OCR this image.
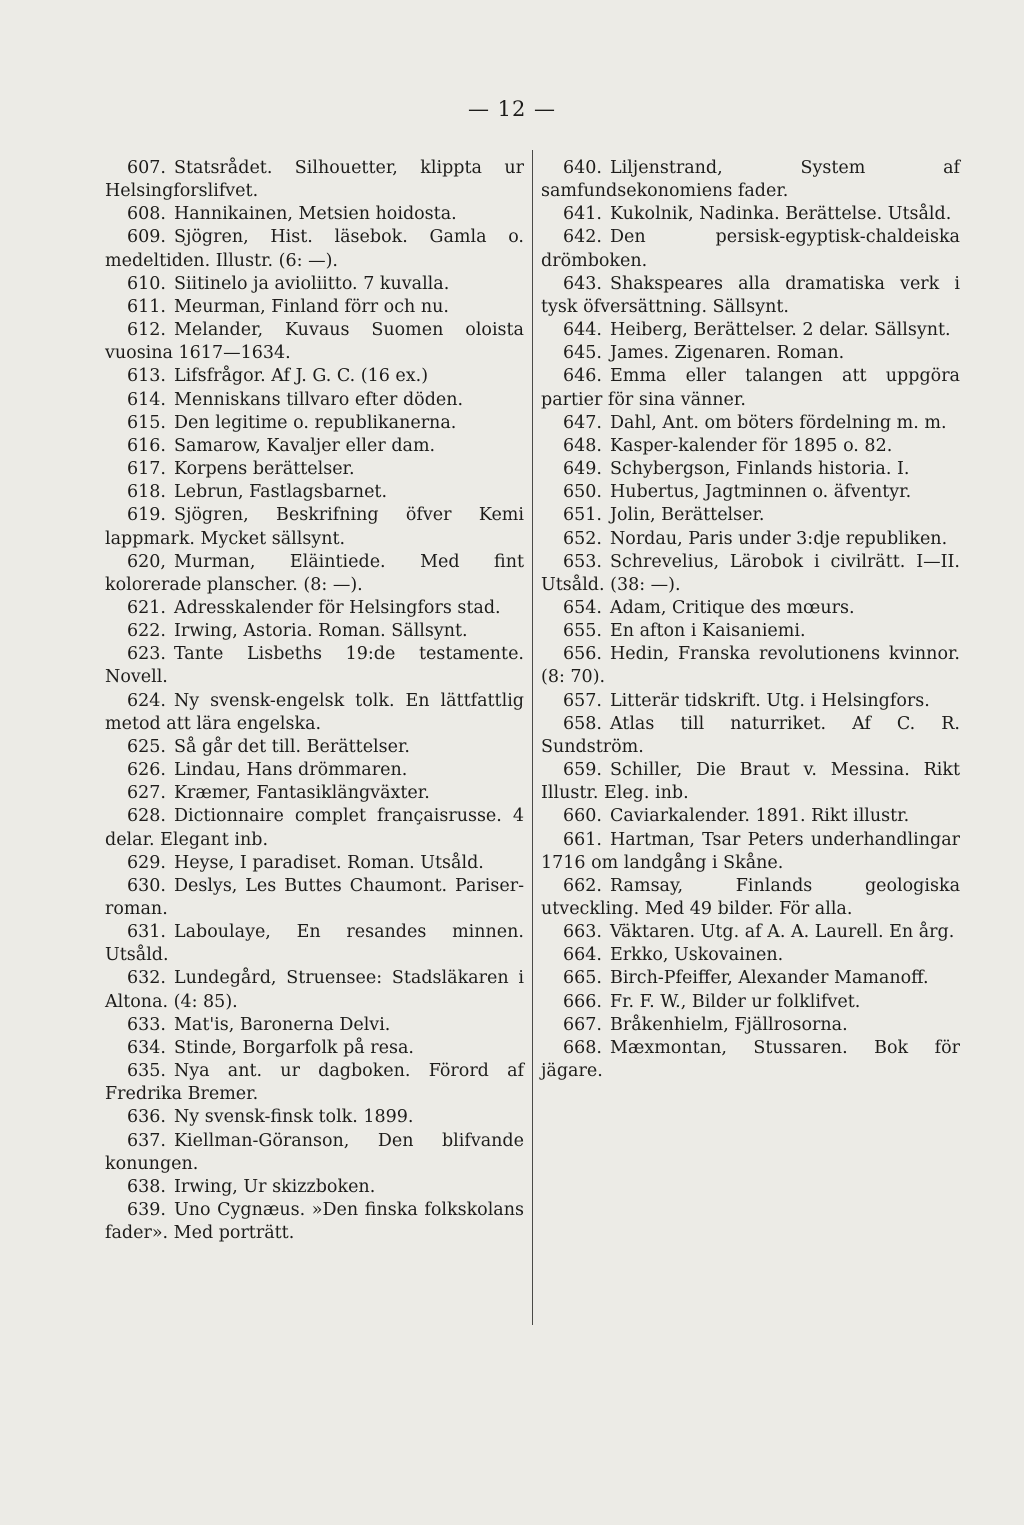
— 12 —

607. Statsrådet. Silhouetter, klippta ur Helsingforslifvet.

608. Hannikainen, Metsien hoidosta.

609. Sjögren, Hist. läsebok. Gamla o. medeltiden. Illustr. (6: —).

610. Siitinelo ja avioliitto. 7 kuvalla.

611. Meurman, Finland förr och nu.

612. Melander, Kuvaus Suomen oloista vuosina 1617—1634.

613. Lifsfrågor. Af J. G. C. (16 ex.)

614. Menniskans tillvaro efter döden.

615. Den legitime o. republikanerna.

616. Samarow, Kavaljer eller dam.

617. Korpens berättelser.

618. Lebrun, Fastlagsbarnet.

619. Sjögren, Beskrifning öfver Kemi lappmark. Mycket sällsynt.

620, Murman, Eläintiede. Med fint kolorerade planscher. (8: —).

621. Adresskalender för Helsingfors stad.

622. Irwing, Astoria. Roman. Sällsynt.

623. Tante Lisbeths 19:de testamente. Novell.

624. Ny svensk-engelsk tolk. En lättfattlig metod att lära engelska.

625. Så går det till. Berättelser.

626. Lindau, Hans drömmaren.

627. Kræmer, Fantasiklängväxter.

628. Dictionnaire complet françaisrusse. 4 delar. Elegant inb.

629. Heyse, I paradiset. Roman. Utsåld.

630. Deslys, Les Buttes Chaumont. Pariser-roman.

631. Laboulaye, En resandes minnen. Utsåld.

632. Lundegård, Struensee: Stadsläkaren i Altona. (4: 85).

633. Mat'is, Baronerna Delvi.

634. Stinde, Borgarfolk på resa.

635. Nya ant. ur dagboken. Förord af Fredrika Bremer.

636. Ny svensk-finsk tolk. 1899.

637. Kiellman-Göranson, Den blifvande konungen.

638. Irwing, Ur skizzboken.

639. Uno Cygnæus. »Den finska folkskolans fader». Med porträtt.

640. Liljenstrand, System af samfundsekonomiens fader.

641. Kukolnik, Nadinka. Berättelse. Utsåld.

642. Den persisk-egyptisk-chaldeiska drömboken.

643. Shakspeares alla dramatiska verk i tysk öfversättning. Sällsynt.

644. Heiberg, Berättelser. 2 delar. Sällsynt.

645. James. Zigenaren. Roman.

646. Emma eller talangen att uppgöra partier för sina vänner.

647. Dahl, Ant. om böters fördelning m. m.

648. Kasper-kalender för 1895 o. 82.

649. Schybergson, Finlands historia. I.

650. Hubertus, Jagtminnen o. äfventyr.

651. Jolin, Berättelser.

652. Nordau, Paris under 3:dje republiken.

653. Schrevelius, Lärobok i civilrätt. I—II. Utsåld. (38: —).

654. Adam, Critique des mœurs.

655. En afton i Kaisaniemi.

656. Hedin, Franska revolutionens kvinnor. (8: 70).

657. Litterär tidskrift. Utg. i Helsingfors.

658. Atlas till naturriket. Af C. R. Sundström.

659. Schiller, Die Braut v. Messina. Rikt Illustr. Eleg. inb.

660. Caviarkalender. 1891. Rikt illustr.

661. Hartman, Tsar Peters underhandlingar 1716 om landgång i Skåne.

662. Ramsay, Finlands geologiska utveckling. Med 49 bilder. För alla.

663. Väktaren. Utg. af A. A. Laurell. En årg.

664. Erkko, Uskovainen.

665. Birch-Pfeiffer, Alexander Mamanoff.

666. Fr. F. W., Bilder ur folklifvet.

667. Bråkenhielm, Fjällrosorna.

668. Mæxmontan, Stussaren. Bok för jägare.
